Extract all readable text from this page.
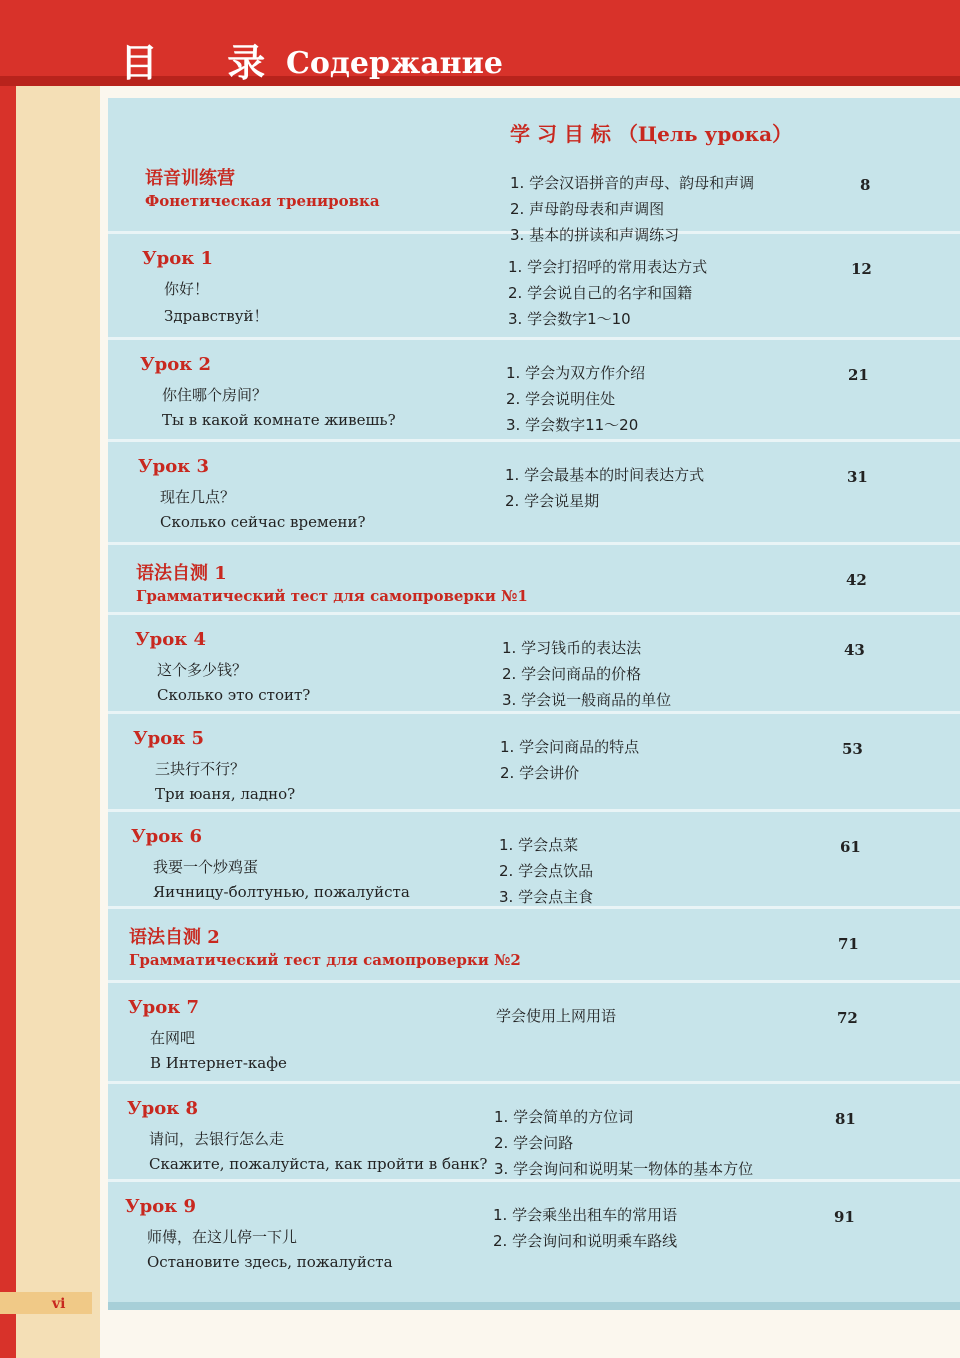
目 录
Содержание
vi
学 习 目 标 （Цель урока）
语音训练营
Фонетическая тренировка
1. 学会汉语拼音的声母、韵母和声调
2. 声母韵母表和声调图
3. 基本的拼读和声调练习
8
Урок 1
你好！
Здравствуй！
1. 学会打招呼的常用表达方式
2. 学会说自己的名字和国籍
3. 学会数字1～10
12
Урок 2
你住哪个房间？
Ты в какой комнате живешь?
1. 学会为双方作介绍
2. 学会说明住处
3. 学会数字11～20
21
Урок 3
现在几点？
Сколько сейчас времени?
1. 学会最基本的时间表达方式
2. 学会说星期
31
语法自测 1
Грамматический тест для самопроверки №1
42
Урок 4
这个多少钱？
Сколько это стоит?
1. 学习钱币的表达法
2. 学会问商品的价格
3. 学会说一般商品的单位
43
Урок 5
三块行不行？
Три юаня, ладно?
1. 学会问商品的特点
2. 学会讲价
53
Урок 6
我要一个炒鸡蛋
Яичницу-болтунью, пожалуйста
1. 学会点菜
2. 学会点饮品
3. 学会点主食
61
语法自测 2
Грамматический тест для самопроверки №2
71
Урок 7
在网吧
В Интернет-кафе
学会使用上网用语	72
Урок 8
请问，去银行怎么走
Скажите, пожалуйста, как пройти в банк?
1. 学会简单的方位词
2. 学会问路
3. 学会询问和说明某一物体的基本方位
81
Урок 9
师傅，在这儿停一下儿
Остановите здесь, пожалуйста
1. 学会乘坐出租车的常用语
2. 学会询问和说明乘车路线
91
